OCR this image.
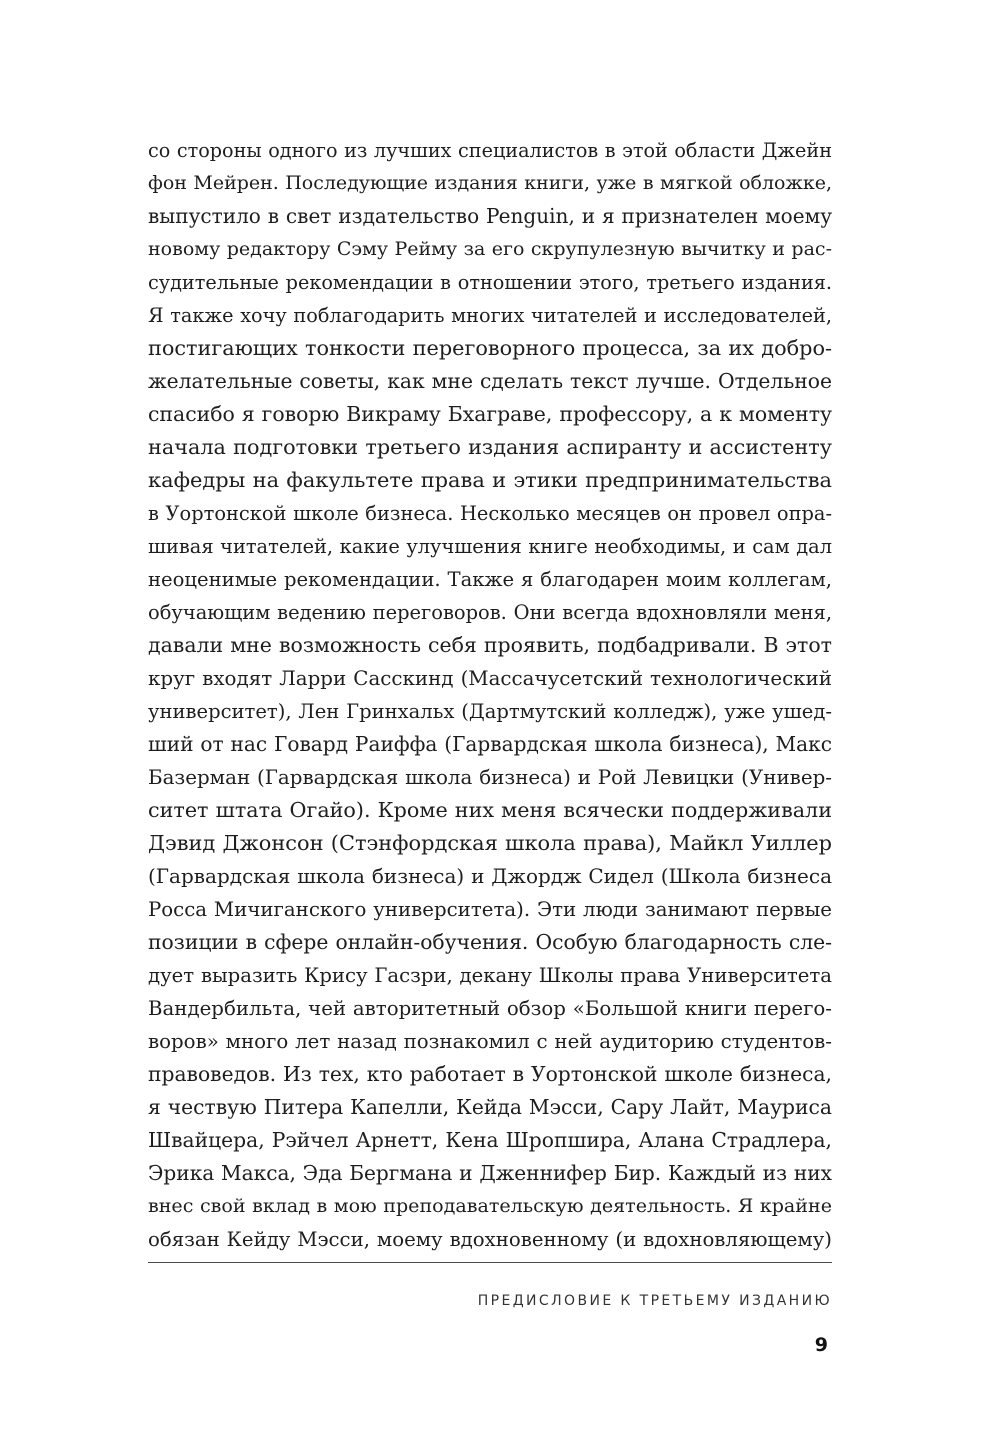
со стороны одного из лучших специалистов в этой области Джейн
фон Мейрен. Последующие издания книги, уже в мягкой обложке,
выпустило в свет издательство Penguin, и я признателен моему
новому редактору Сэму Рейму за его скрупулезную вычитку и рас-
судительные рекомендации в отношении этого, третьего издания.
Я также хочу поблагодарить многих читателей и исследователей,
постигающих тонкости переговорного процесса, за их добро-
желательные советы, как мне сделать текст лучше. Отдельное
спасибо я говорю Викраму Бхаграве, профессору, а к моменту
начала подготовки третьего издания аспиранту и ассистенту
кафедры на факультете права и этики предпринимательства
в Уортонской школе бизнеса. Несколько месяцев он провел опра-
шивая читателей, какие улучшения книге необходимы, и сам дал
неоценимые рекомендации. Также я благодарен моим коллегам,
обучающим ведению переговоров. Они всегда вдохновляли меня,
давали мне возможность себя проявить, подбадривали. В этот
круг входят Ларри Сасскинд (Массачусетский технологический
университет), Лен Гринхальх (Дартмутский колледж), уже ушед-
ший от нас Говард Раиффа (Гарвардская школа бизнеса), Макс
Базерман (Гарвардская школа бизнеса) и Рой Левицки (Универ-
ситет штата Огайо). Кроме них меня всячески поддерживали
Дэвид Джонсон (Стэнфордская школа права), Майкл Уиллер
(Гарвардская школа бизнеса) и Джордж Сидел (Школа бизнеса
Росса Мичиганского университета). Эти люди занимают первые
позиции в сфере онлайн-обучения. Особую благодарность сле-
дует выразить Крису Гасзри, декану Школы права Университета
Вандербильта, чей авторитетный обзор «Большой книги перего-
воров» много лет назад познакомил с ней аудиторию студентов-
правоведов. Из тех, кто работает в Уортонской школе бизнеса,
я чествую Питера Капелли, Кейда Мэсси, Сару Лайт, Мауриса
Швайцера, Рэйчел Арнетт, Кена Шропшира, Алана Страдлера,
Эрика Макса, Эда Бергмана и Дженнифер Бир. Каждый из них
внес свой вклад в мою преподавательскую деятельность. Я крайне
обязан Кейду Мэсси, моему вдохновенному (и вдохновляющему)
ПРЕДИСЛОВИЕ К ТРЕТЬЕМУ ИЗДАНИЮ
9
